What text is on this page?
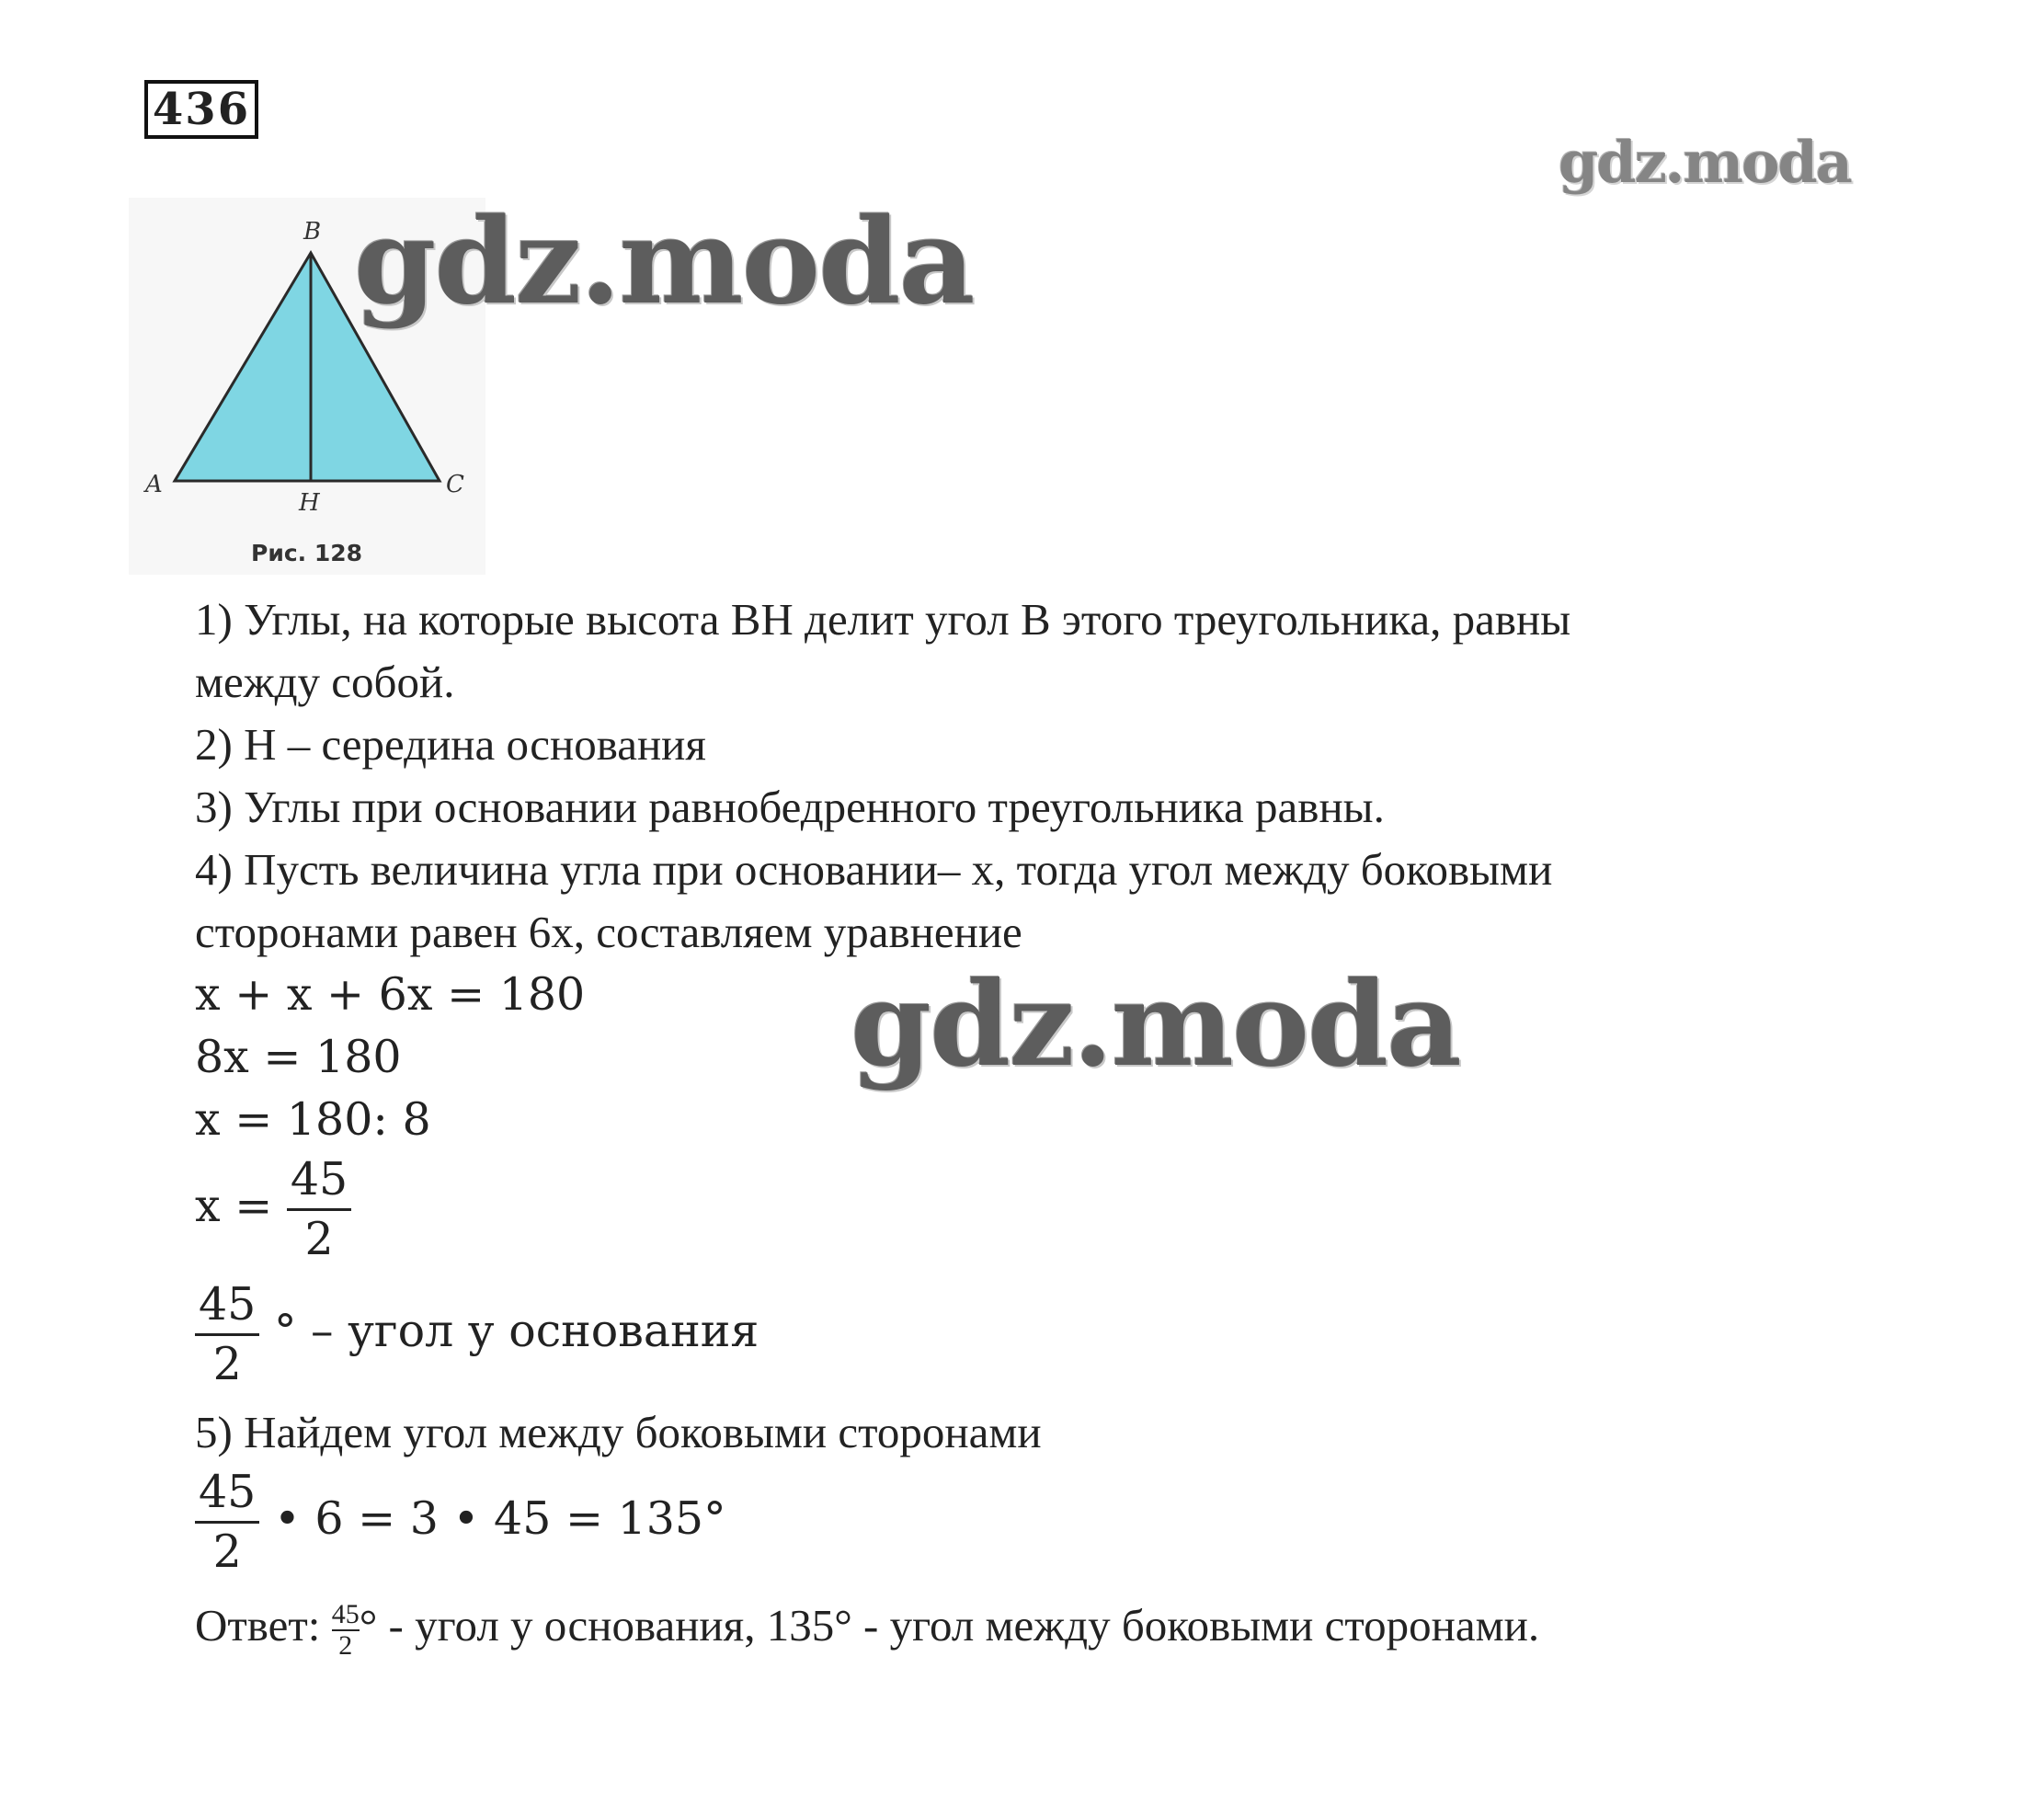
436
gdz.moda
B
A	C
H
Рис. 128
gdz.moda
1) Углы, на которые высота ВН делит угол В этого треугольника, равны
между собой.
2) Н – середина основания
3) Углы при основании равнобедренного треугольника равны.
4) Пусть величина угла при основании– х, тогда угол между боковыми
сторонами равен 6х, составляем уравнение
x + x + 6x = 180
8x = 180
x = 180: 8
$x = \frac{45}{2}$
$\frac{45}{2}$ ° – угол у основания
5) Найдем угол между боковыми сторонами
$\frac{45}{2}$ • 6 = 3 • 45 = 135°
Ответ: $\frac{45}{2}$ ° - угол у основания, 135° - угол между боковыми сторонами.
gdz.moda
